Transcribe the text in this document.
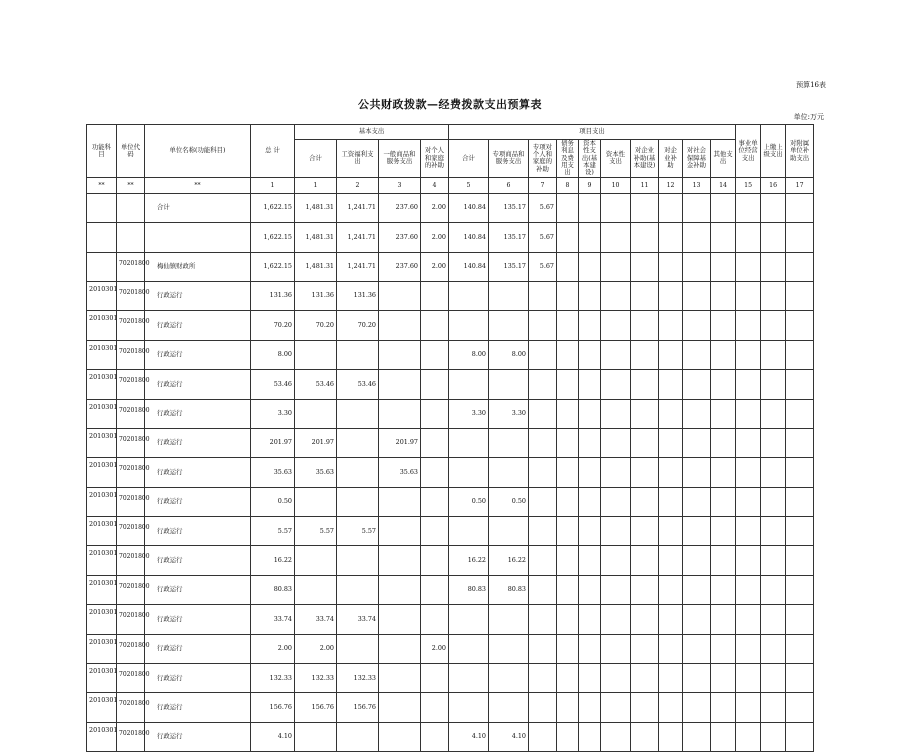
预算16表
公共财政拨款—经费拨款支出预算表
单位:万元
功能科目	单位代码	单位名称(功能科目)	总 计	基本支出				项目支出										事业单位经营支出	上缴上级支出	对附属单位补助支出
				合计	工资福利支出	一般商品和服务支出	对个人和家庭的补助	合计	专项商品和服务支出	专项对个人和家庭的补助	债务利息及费用支出	资本性支出(基本建设)	资本性支出	对企业补助(基本建设)	对企业补助	对社会保障基金补助	其他支出			
**	**	**	1	1	2	3	4	5	6	7	8	9	10	11	12	13	14	15	16	17
		合计	1,622.15	1,481.31	1,241.71	237.60	2.00	140.84	135.17	5.67										
			1,622.15	1,481.31	1,241.71	237.60	2.00	140.84	135.17	5.67										
	70201800	梅仙镇财政所	1,622.15	1,481.31	1,241.71	237.60	2.00	140.84	135.17	5.67										
2010301	70201800	行政运行	131.36	131.36	131.36															
2010301	70201800	行政运行	70.20	70.20	70.20															
2010301	70201800	行政运行	8.00					8.00	8.00											
2010301	70201800	行政运行	53.46	53.46	53.46															
2010301	70201800	行政运行	3.30					3.30	3.30											
2010301	70201800	行政运行	201.97	201.97		201.97														
2010301	70201800	行政运行	35.63	35.63		35.63														
2010301	70201800	行政运行	0.50					0.50	0.50											
2010301	70201800	行政运行	5.57	5.57	5.57															
2010301	70201800	行政运行	16.22					16.22	16.22											
2010301	70201800	行政运行	80.83					80.83	80.83											
2010301	70201800	行政运行	33.74	33.74	33.74															
2010301	70201800	行政运行	2.00	2.00			2.00													
2010301	70201800	行政运行	132.33	132.33	132.33															
2010301	70201800	行政运行	156.76	156.76	156.76															
2010301	70201800	行政运行	4.10					4.10	4.10											
